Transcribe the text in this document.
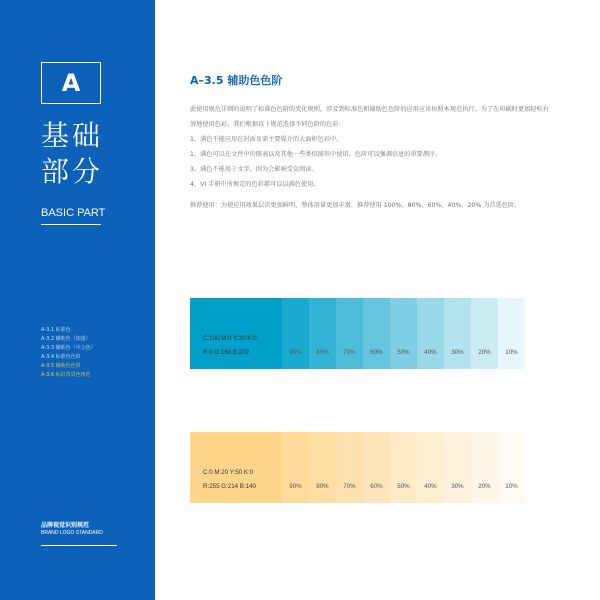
A
基础
部分
BASIC PART
A-3.1 标准色
A-3.2 辅助色（加量）
A-3.3 辅助色（中立色）
A-3.4 标准色色阶
A-3.5 辅助色色阶
A-3.6 标识背景色规范
品牌视觉识别规范
BRAND LOGO STANDARD
A–3.5 辅助色色阶

此使用规范详细的说明了标准色色阶的变化规则，涉及到标准色和辅助色色阶的应用应该按照本规范执行。为了在印刷时更加轻松有效地使用色彩，我们根据以下规范选择不同色阶的色彩：

1、满色不能应用在封面及需主要媒介的大面积色彩中。

1、满色可以在文件中的图表以及其他一些类似图形中使用，色阶可以强调信息的重要测序。

3、满色不能用于文字，因为会影响受众阅读。

4、VI 手册中所规定的色彩都可以以满色使用。

推荐使用：为使应用效果层次更加鲜明，整体用量更加丰富，推荐使用 100%、80%、60%、40%、20% 为首选色阶。
C:100 M:0 Y:20 K:0
R:0 G:160 B:202	90%	80%	70%	60%	50%	40%	30%	20%	10%
C:0 M:20 Y:50 K:0
R:255 G:214 B:140	90%	80%	70%	60%	50%	40%	30%	20%	10%
